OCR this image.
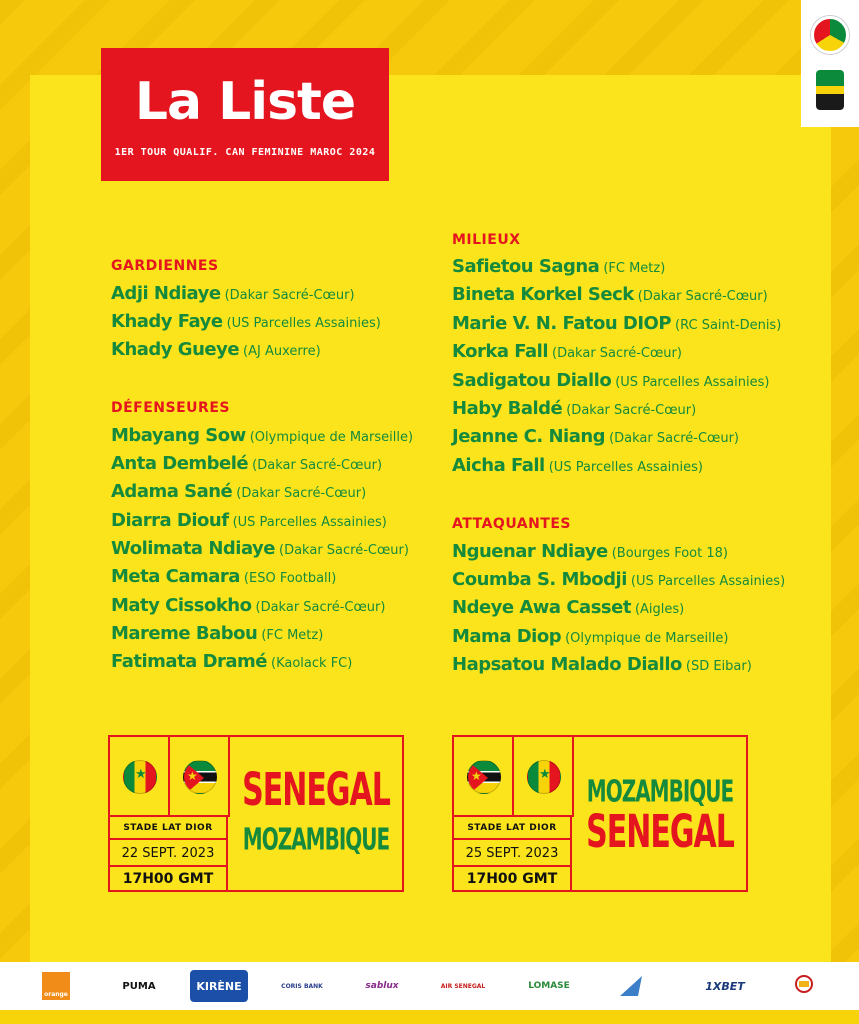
La Liste
1ER TOUR QUALIF. CAN FEMININE MAROC 2024
GARDIENNES
Adji Ndiaye (Dakar Sacré-Cœur)
Khady Faye (US Parcelles Assainies)
Khady Gueye (AJ Auxerre)
DÉFENSEURES
Mbayang Sow (Olympique de Marseille)
Anta Dembelé (Dakar Sacré-Cœur)
Adama Sané (Dakar Sacré-Cœur)
Diarra Diouf (US Parcelles Assainies)
Wolimata Ndiaye (Dakar Sacré-Cœur)
Meta Camara (ESO Football)
Maty Cissokho (Dakar Sacré-Cœur)
Mareme Babou (FC Metz)
Fatimata Dramé (Kaolack FC)
MILIEUX
Safietou Sagna (FC Metz)
Bineta Korkel Seck (Dakar Sacré-Cœur)
Marie V. N. Fatou DIOP (RC Saint-Denis)
Korka Fall (Dakar Sacré-Cœur)
Sadigatou Diallo (US Parcelles Assainies)
Haby Baldé (Dakar Sacré-Cœur)
Jeanne C. Niang (Dakar Sacré-Cœur)
Aicha Fall (US Parcelles Assainies)
ATTAQUANTES
Nguenar Ndiaye (Bourges Foot 18)
Coumba S. Mbodji (US Parcelles Assainies)
Ndeye Awa Casset (Aigles)
Mama Diop (Olympique de Marseille)
Hapsatou Malado Diallo (SD Eibar)
★
★
STADE LAT DIOR
22 SEPT. 2023
17H00 GMT
SENEGAL
MOZAMBIQUE
★
★	STADE LAT DIOR
25 SEPT. 2023
17H00 GMT
MOZAMBIQUE
SENEGAL
orange
PUMA	KIRÈNE	CORIS BANK	sablux	AIR SENEGAL	LOMASE	1XBET
